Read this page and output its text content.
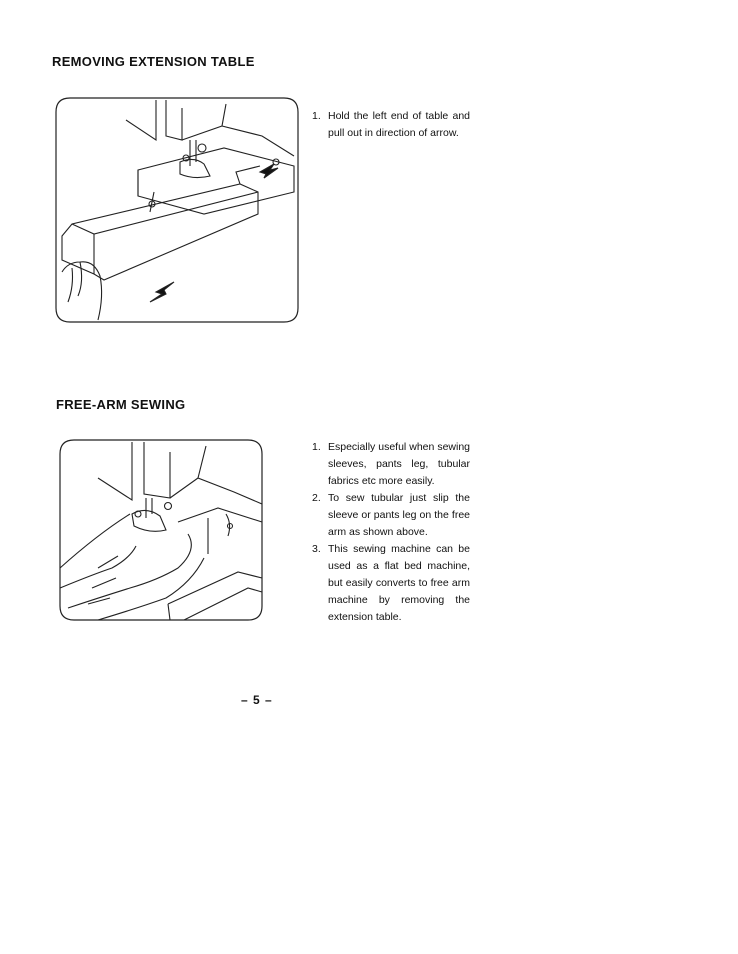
REMOVING EXTENSION TABLE
1. Hold the left end of table and pull out in direction of arrow.
FREE-ARM SEWING
1. Especially useful when sewing sleeves, pants leg, tubular fabrics etc more easily.
2. To sew tubular just slip the sleeve or pants leg on the free arm as shown above.
3. This sewing machine can be used as a flat bed machine, but easily converts to free arm machine by removing the extension table.
– 5 –
